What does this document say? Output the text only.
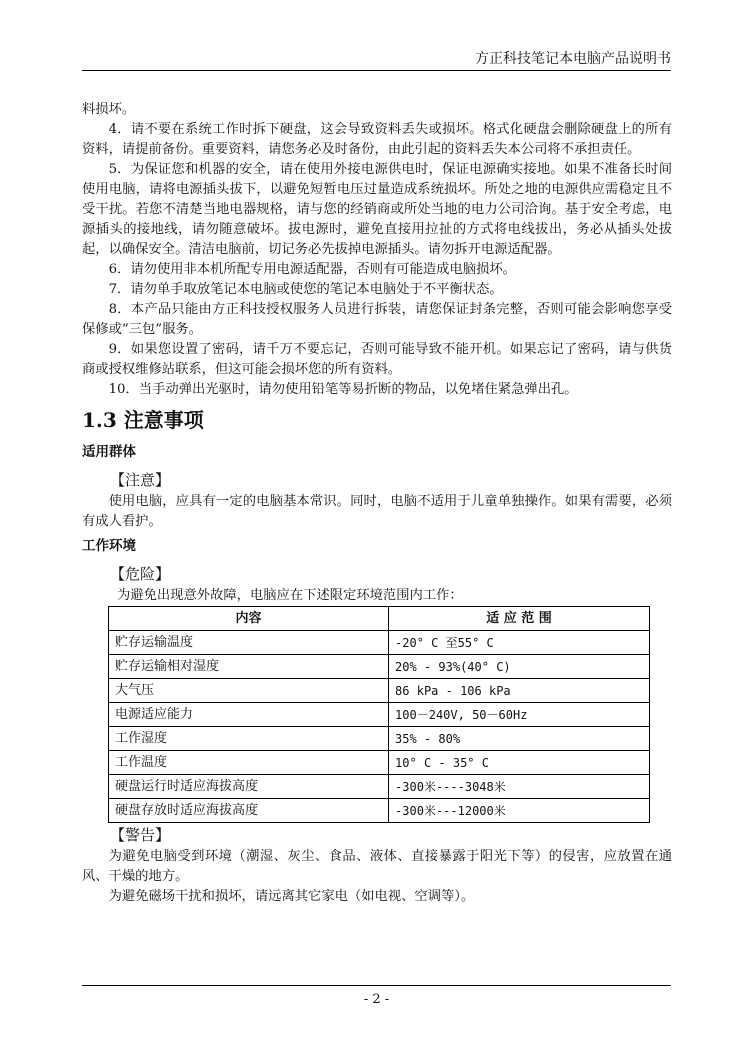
方正科技笔记本电脑产品说明书

料损坏。

4．请不要在系统工作时拆下硬盘，这会导致资料丢失或损坏。格式化硬盘会删除硬盘上的所有资料，请提前备份。重要资料，请您务必及时备份，由此引起的资料丢失本公司将不承担责任。

5．为保证您和机器的安全，请在使用外接电源供电时，保证电源确实接地。如果不准备长时间使用电脑，请将电源插头拔下，以避免短暂电压过量造成系统损坏。所处之地的电源供应需稳定且不受干扰。若您不清楚当地电器规格，请与您的经销商或所处当地的电力公司洽询。基于安全考虑，电源插头的接地线，请勿随意破坏。拔电源时，避免直接用拉扯的方式将电线拔出，务必从插头处拔起，以确保安全。清洁电脑前，切记务必先拔掉电源插头。请勿拆开电源适配器。

6．请勿使用非本机所配专用电源适配器，否则有可能造成电脑损坏。

7．请勿单手取放笔记本电脑或使您的笔记本电脑处于不平衡状态。

8．本产品只能由方正科技授权服务人员进行拆装，请您保证封条完整，否则可能会影响您享受保修或“三包”服务。

9．如果您设置了密码，请千万不要忘记，否则可能导致不能开机。如果忘记了密码，请与供货商或授权维修站联系，但这可能会损坏您的所有资料。

10．当手动弹出光驱时，请勿使用铅笔等易折断的物品，以免堵住紧急弹出孔。

1.3 注意事项
适用群体
【注意】

使用电脑，应具有一定的电脑基本常识。同时，电脑不适用于儿童单独操作。如果有需要，必须有成人看护。

工作环境
【危险】

为避免出现意外故障，电脑应在下述限定环境范围内工作：

内容	适 应 范 围
贮存运输温度	-20° C 至55° C
贮存运输相对湿度	20% - 93%(40° C)
大气压	86 kPa - 106 kPa
电源适应能力	100－240V, 50－60Hz
工作湿度	35% - 80%
工作温度	10° C - 35° C
硬盘运行时适应海拔高度	-300米----3048米
硬盘存放时适应海拔高度	-300米---12000米
【警告】

为避免电脑受到环境（潮湿、灰尘、食品、液体、直接暴露于阳光下等）的侵害，应放置在通风、干燥的地方。

为避免磁场干扰和损坏，请远离其它家电（如电视、空调等）。

- 2 -
